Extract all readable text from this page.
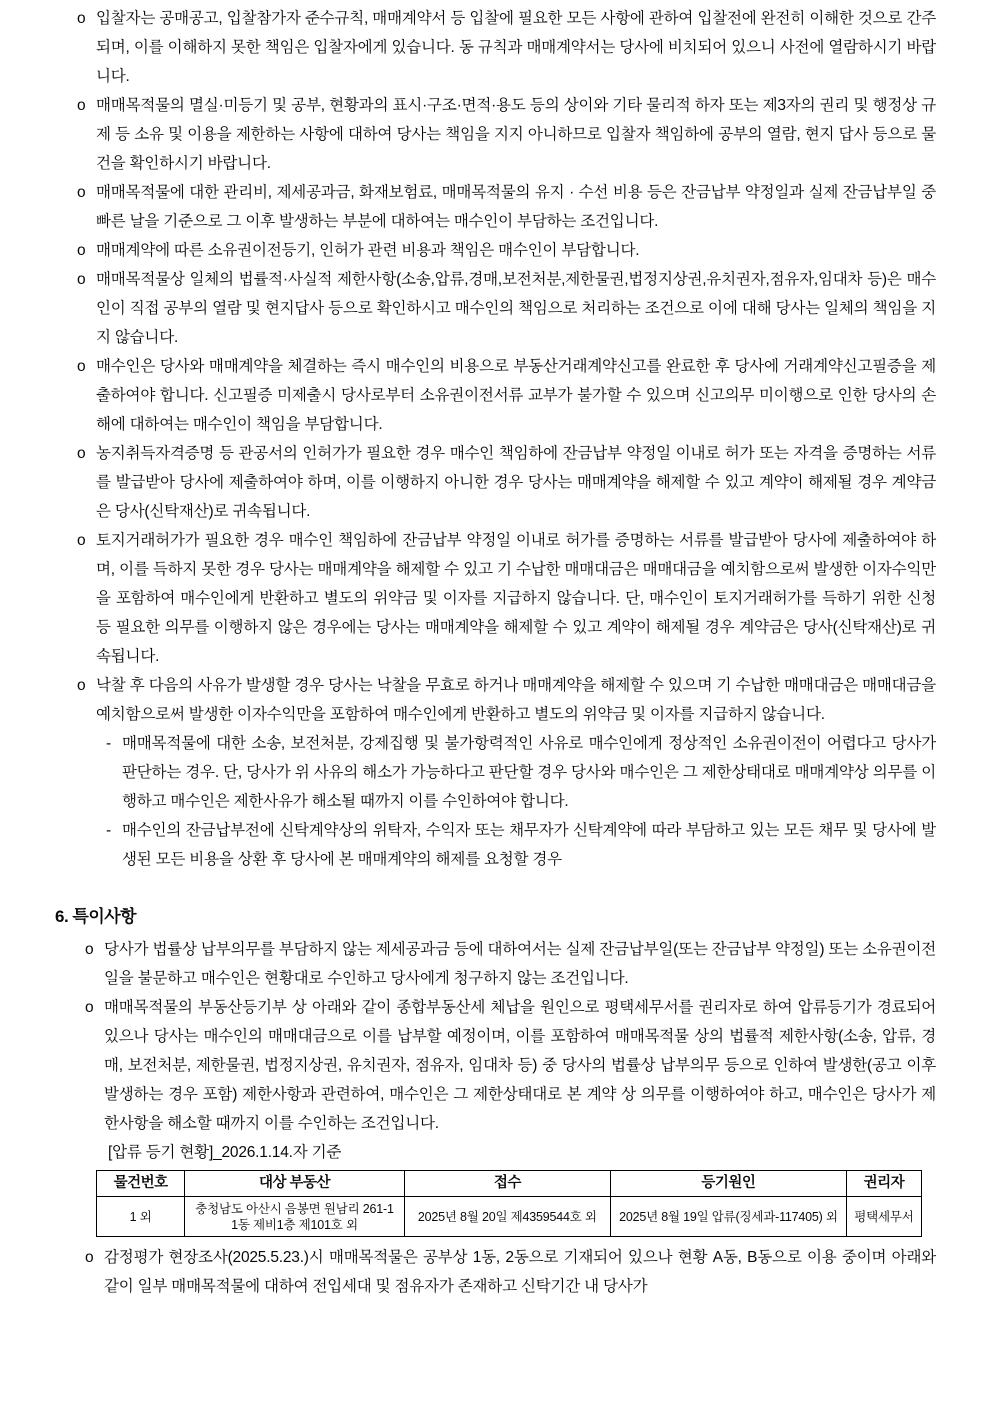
o 입찰자는 공매공고, 입찰참가자 준수규칙, 매매계약서 등 입찰에 필요한 모든 사항에 관하여 입찰전에 완전히 이해한 것으로 간주되며, 이를 이해하지 못한 책임은 입찰자에게 있습니다. 동 규칙과 매매계약서는 당사에 비치되어 있으니 사전에 열람하시기 바랍니다.
o 매매목적물의 멸실·미등기 및 공부, 현황과의 표시·구조·면적·용도 등의 상이와 기타 물리적 하자 또는 제3자의 권리 및 행정상 규제 등 소유 및 이용을 제한하는 사항에 대하여 당사는 책임을 지지 아니하므로 입찰자 책임하에 공부의 열람, 현지 답사 등으로 물건을 확인하시기 바랍니다.
o 매매목적물에 대한 관리비, 제세공과금, 화재보험료, 매매목적물의 유지 · 수선 비용 등은 잔금납부 약정일과 실제 잔금납부일 중 빠른 날을 기준으로 그 이후 발생하는 부분에 대하여는 매수인이 부담하는 조건입니다.
o 매매계약에 따른 소유권이전등기, 인허가 관련 비용과 책임은 매수인이 부담합니다.
o 매매목적물상 일체의 법률적·사실적 제한사항(소송,압류,경매,보전처분,제한물권,법정지상권,유치권자,점유자,임대차 등)은 매수인이 직접 공부의 열람 및 현지답사 등으로 확인하시고 매수인의 책임으로 처리하는 조건으로 이에 대해 당사는 일체의 책임을 지지 않습니다.
o 매수인은 당사와 매매계약을 체결하는 즉시 매수인의 비용으로 부동산거래계약신고를 완료한 후 당사에 거래계약신고필증을 제출하여야 합니다. 신고필증 미제출시 당사로부터 소유권이전서류 교부가 불가할 수 있으며 신고의무 미이행으로 인한 당사의 손해에 대하여는 매수인이 책임을 부담합니다.
o 농지취득자격증명 등 관공서의 인허가가 필요한 경우 매수인 책임하에 잔금납부 약정일 이내로 허가 또는 자격을 증명하는 서류를 발급받아 당사에 제출하여야 하며, 이를 이행하지 아니한 경우 당사는 매매계약을 해제할 수 있고 계약이 해제될 경우 계약금은 당사(신탁재산)로 귀속됩니다.
o 토지거래허가가 필요한 경우 매수인 책임하에 잔금납부 약정일 이내로 허가를 증명하는 서류를 발급받아 당사에 제출하여야 하며, 이를 득하지 못한 경우 당사는 매매계약을 해제할 수 있고 기 수납한 매매대금은 매매대금을 예치함으로써 발생한 이자수익만을 포함하여 매수인에게 반환하고 별도의 위약금 및 이자를 지급하지 않습니다. 단, 매수인이 토지거래허가를 득하기 위한 신청 등 필요한 의무를 이행하지 않은 경우에는 당사는 매매계약을 해제할 수 있고 계약이 해제될 경우 계약금은 당사(신탁재산)로 귀속됩니다.
o 낙찰 후 다음의 사유가 발생할 경우 당사는 낙찰을 무효로 하거나 매매계약을 해제할 수 있으며 기 수납한 매매대금은 매매대금을 예치함으로써 발생한 이자수익만을 포함하여 매수인에게 반환하고 별도의 위약금 및 이자를 지급하지 않습니다.
- 매매목적물에 대한 소송, 보전처분, 강제집행 및 불가항력적인 사유로 매수인에게 정상적인 소유권이전이 어렵다고 당사가 판단하는 경우. 단, 당사가 위 사유의 해소가 가능하다고 판단할 경우 당사와 매수인은 그 제한상태대로 매매계약상 의무를 이행하고 매수인은 제한사유가 해소될 때까지 이를 수인하여야 합니다.
- 매수인의 잔금납부전에 신탁계약상의 위탁자, 수익자 또는 채무자가 신탁계약에 따라 부담하고 있는 모든 채무 및 당사에 발생된 모든 비용을 상환 후 당사에 본 매매계약의 해제를 요청할 경우
6. 특이사항
o 당사가 법률상 납부의무를 부담하지 않는 제세공과금 등에 대하여서는 실제 잔금납부일(또는 잔금납부 약정일) 또는 소유권이전일을 불문하고 매수인은 현황대로 수인하고 당사에게 청구하지 않는 조건입니다.
o 매매목적물의 부동산등기부 상 아래와 같이 종합부동산세 체납을 원인으로 평택세무서를 권리자로 하여 압류등기가 경료되어 있으나 당사는 매수인의 매매대금으로 이를 납부할 예정이며, 이를 포함하여 매매목적물 상의 법률적 제한사항(소송, 압류, 경매, 보전처분, 제한물권, 법정지상권, 유치권자, 점유자, 임대차 등) 중 당사의 법률상 납부의무 등으로 인하여 발생한(공고 이후 발생하는 경우 포함) 제한사항과 관련하여, 매수인은 그 제한상태대로 본 계약 상 의무를 이행하여야 하고, 매수인은 당사가 제한사항을 해소할 때까지 이를 수인하는 조건입니다.
[압류 등기 현황]_2026.1.14.자 기준
물건번호	대상 부동산	접수	등기원인	권리자
1 외	충청남도 아산시 음봉면 원남리 261-1 1동 제비1층 제101호 외	2025년 8월 20일 제4359544호 외	2025년 8월 19일 압류(징세과-117405) 외	평택세무서
o 감정평가 현장조사(2025.5.23.)시 매매목적물은 공부상 1동, 2동으로 기재되어 있으나 현황 A동, B동으로 이용 중이며 아래와 같이 일부 매매목적물에 대하여 전입세대 및 점유자가 존재하고 신탁기간 내 당사가
